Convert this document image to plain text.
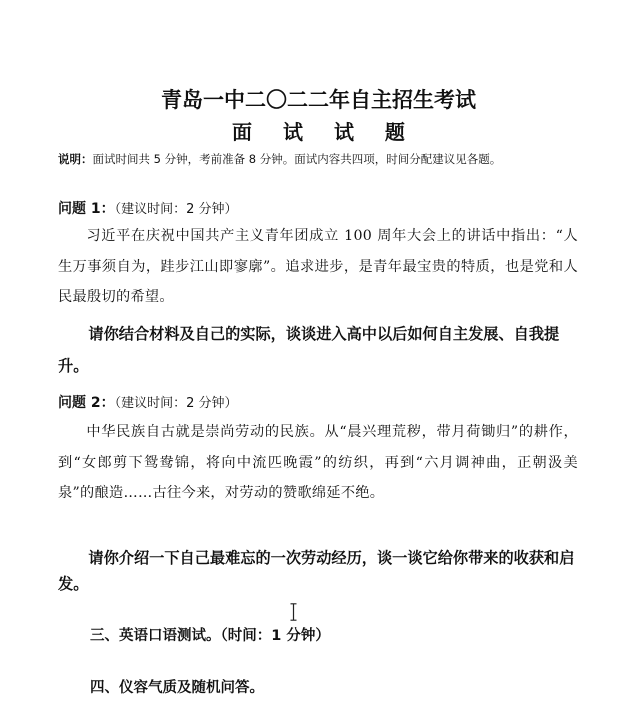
青岛一中二〇二二年自主招生考试
面 试 试 题
说明：面试时间共 5 分钟，考前准备 8 分钟。面试内容共四项，时间分配建议见各题。
问题 1：（建议时间：2 分钟）
习近平在庆祝中国共产主义青年团成立 100 周年大会上的讲话中指出：“人生万事须自为，跬步江山即寥廓”。追求进步，是青年最宝贵的特质，也是党和人民最殷切的希望。
请你结合材料及自己的实际，谈谈进入高中以后如何自主发展、自我提升。
问题 2：（建议时间：2 分钟）
中华民族自古就是崇尚劳动的民族。从“晨兴理荒秽，带月荷锄归”的耕作，到“女郎剪下鸳鸯锦，将向中流匹晚霞”的纺织，再到“六月调神曲，正朝汲美泉”的酿造……古往今来，对劳动的赞歌绵延不绝。
请你介绍一下自己最难忘的一次劳动经历，谈一谈它给你带来的收获和启发。
三、英语口语测试。（时间：1 分钟）
四、仪容气质及随机问答。
